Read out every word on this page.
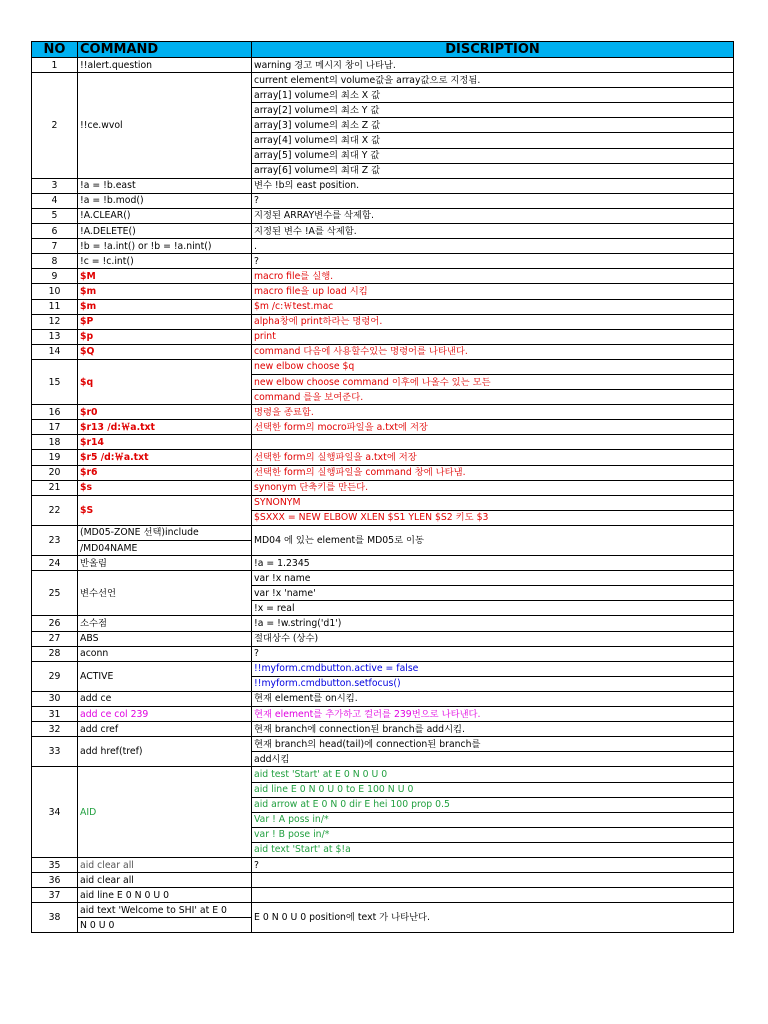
NO	COMMAND	DISCRIPTION
1	!!alert.question	warning 경고 메시지 창이 나타남.
2	!!ce.wvol	current element의 volume값을 array값으로 지정됨.
		array[1] volume의 최소 X 값
		array[2] volume의 최소 Y 값
		array[3] volume의 최소 Z 값
		array[4] volume의 최대 X 값
		array[5] volume의 최대 Y 값
		array[6] volume의 최대 Z 값
3	!a = !b.east	변수 !b의 east position.
4	!a = !b.mod()	?
5	!A.CLEAR()	지정된 ARRAY변수를 삭제함.
6	!A.DELETE()	지정된 변수 !A를 삭제함.
7	!b = !a.int() or !b = !a.nint()	.
8	!c = !c.int()	?
9	$M	macro file를 실행.
10	$m	macro file을 up load 시킴
11	$m	$m /c:￦test.mac
12	$P	alpha창에 print하라는 명령어.
13	$p	print
14	$Q	command 다음에 사용할수있는 명령어를 나타낸다.
15	$q	new elbow choose $q
		new elbow choose command 이후에 나올수 있는 모든
		command 를을 보여준다.
16	$r0	명령을 종료함.
17	$r13 /d:￦a.txt	선택한 form의 mocro파일을 a.txt에 저장
18	$r14	
19	$r5 /d:￦a.txt	선택한 form의 실행파일을 a.txt에 저장
20	$r6	선택한 form의 실행파일을 command 창에 나타냄.
21	$s	synonym 단축키를 만든다.
22	$S	SYNONYM
		$SXXX = NEW ELBOW XLEN $S1 YLEN $S2 키도 $3
23	(MD05-ZONE 선택)include	MD04 에 있는 element를 MD05로 이동
	/MD04NAME	
24	반올림	!a = 1.2345
25	변수선언	var !x name
		var !x 'name'
		!x = real
26	소수점	!a = !w.string('d1')
27	ABS	절대상수 (상수)
28	aconn	?
29	ACTIVE	!!myform.cmdbutton.active = false
		!!myform.cmdbutton.setfocus()
30	add ce	현재 element를 on시킴.
31	add ce col 239	현재 element를 추가하고 컬러를 239번으로 나타낸다.
32	add cref	현재 branch에 connection된 branch를 add시킴.
33	add href(tref)	현재 branch의 head(tail)에 connection된 branch를
		add시킴
34	AID	aid test 'Start' at E 0 N 0 U 0
		aid line E 0 N 0 U 0 to E 100 N U 0
		aid arrow at E 0 N 0 dir E hei 100 prop 0.5
		Var ! A poss in/*
		var ! B pose in/*
		aid text 'Start' at $!a
35	aid clear all	?
36	aid clear all	
37	aid line E 0 N 0 U 0	
38	aid text 'Welcome to SHI' at E 0	E 0 N 0 U 0 position에 text 가 나타난다.
	N 0 U 0	
